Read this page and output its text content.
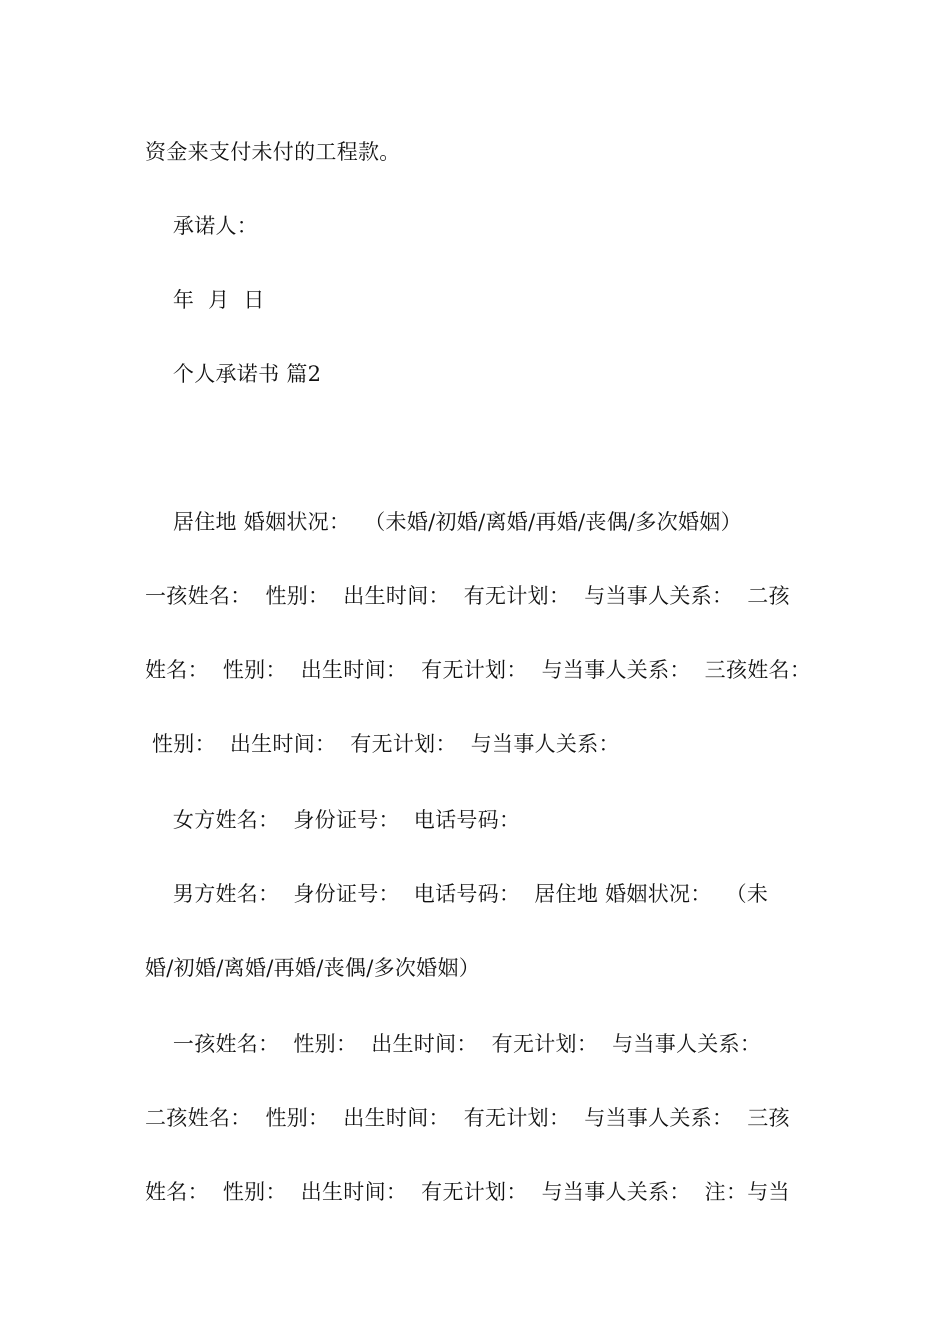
资金来支付未付的工程款。
承诺人：
年  月  日
个人承诺书 篇2
居住地 婚姻状况：  （未婚/初婚/离婚/再婚/丧偶/多次婚姻）
一孩姓名：  性别：  出生时间：  有无计划：  与当事人关系：  二孩
姓名：  性别：  出生时间：  有无计划：  与当事人关系：  三孩姓名：
性别：  出生时间：  有无计划：  与当事人关系：
女方姓名：  身份证号：  电话号码：
男方姓名：  身份证号：  电话号码：  居住地 婚姻状况：  （未
婚/初婚/离婚/再婚/丧偶/多次婚姻）
一孩姓名：  性别：  出生时间：  有无计划：  与当事人关系：
二孩姓名：  性别：  出生时间：  有无计划：  与当事人关系：  三孩
姓名：  性别：  出生时间：  有无计划：  与当事人关系：  注：与当
